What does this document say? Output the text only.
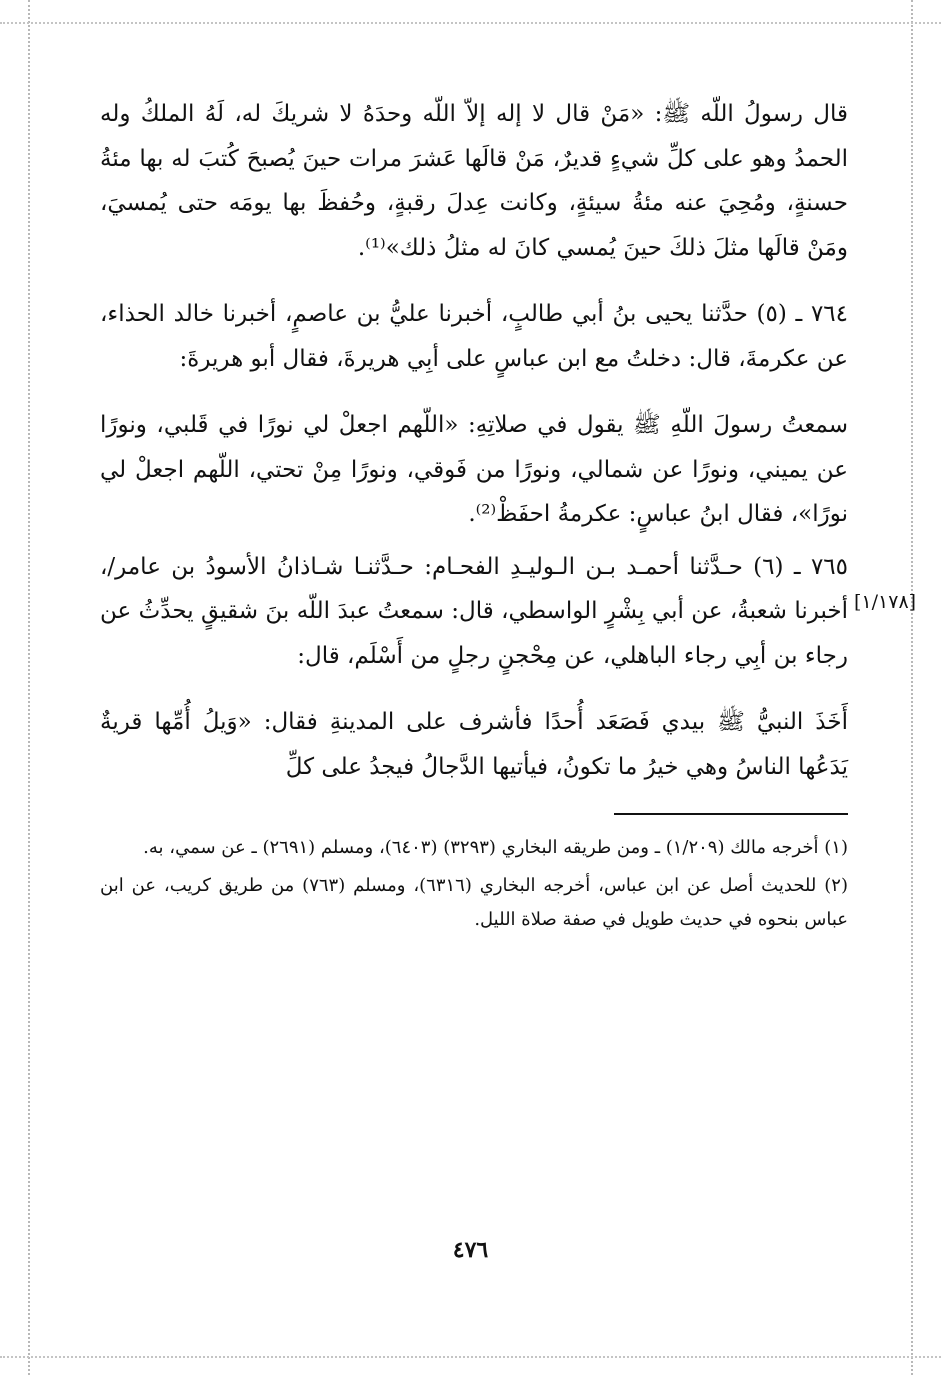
قال رسولُ اللّه ﷺ: «مَنْ قال لا إله إلاّ اللّه وحدَهُ لا شريكَ له، لَهُ الملكُ وله الحمدُ وهو على كلِّ شيءٍ قديرٌ، مَنْ قالَها عَشرَ مرات حينَ يُصبحَ كُتبَ له بها مئةُ حسنةٍ، ومُحِيَ عنه مئةُ سيئةٍ، وكانت عِدلَ رقبةٍ، وحُفظَ بها يومَه حتى يُمسيَ، ومَنْ قالَها مثلَ ذلكَ حينَ يُمسي كانَ له مثلُ ذلك»⁽¹⁾.

٧٦٤ ـ (٥) حدَّثنا يحيى بنُ أبي طالبٍ، أخبرنا عليُّ بن عاصمٍ، أخبرنا خالد الحذاء، عن عكرمةَ، قال: دخلتُ مع ابن عباسٍ على أبِي هريرةَ، فقال أبو هريرةَ:

سمعتُ رسولَ اللّهِ ﷺ يقول في صلاتِهِ: «اللّهم اجعلْ لي نورًا في قَلبي، ونورًا عن يميني، ونورًا عن شمالي، ونورًا من فَوقي، ونورًا مِنْ تحتي، اللّهم اجعلْ لي نورًا»، فقال ابنُ عباسٍ: عكرمةُ احفَظْ⁽²⁾.

[١/١٧٨]

٧٦٥ ـ (٦) حـدَّثنا أحمـد بـن الـوليـدِ الفحـام: حـدَّثنـا شـاذانُ الأسودُ بن عامر/، أخبرنا شعبةُ، عن أبي بِشْرٍ الواسطي، قال: سمعتُ عبدَ اللّه بنَ شقيقٍ يحدِّثُ عن رجاء بن أبِي رجاء الباهلي، عن مِحْجنٍ رجلٍ من أَسْلَم، قال:

أَخَذَ النبيُّ ﷺ بيدي فَصَعَد أُحدًا فأشرف على المدينةِ فقال: «وَيلُ أُمِّها قريةٌ يَدَعُها الناسُ وهي خيرُ ما تكونُ، فيأتيها الدَّجالُ فيجدُ على كلِّ

(١) أخرجه مالك (١/٢٠٩) ـ ومن طريقه البخاري (٣٢٩٣) (٦٤٠٣)، ومسلم (٢٦٩١) ـ عن سمي، به.

(٢) للحديث أصل عن ابن عباس، أخرجه البخاري (٦٣١٦)، ومسلم (٧٦٣) من طريق كريب، عن ابن عباس بنحوه في حديث طويل في صفة صلاة الليل.

٤٧٦
